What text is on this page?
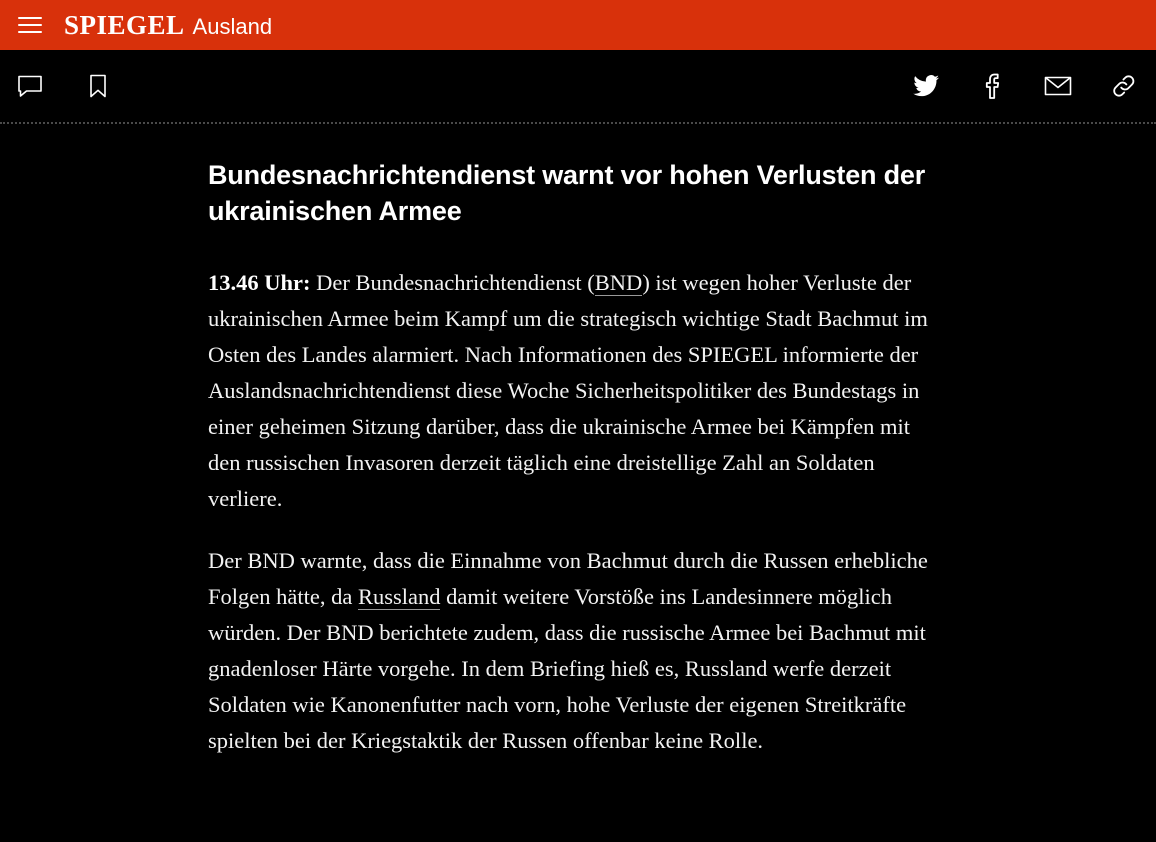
SPIEGEL Ausland
Bundesnachrichtendienst warnt vor hohen Verlusten der ukrainischen Armee

13.46 Uhr: Der Bundesnachrichtendienst (BND) ist wegen hoher Verluste der ukrainischen Armee beim Kampf um die strategisch wichtige Stadt Bachmut im Osten des Landes alarmiert. Nach Informationen des SPIEGEL informierte der Auslandsnachrichtendienst diese Woche Sicherheitspolitiker des Bundestags in einer geheimen Sitzung darüber, dass die ukrainische Armee bei Kämpfen mit den russischen Invasoren derzeit täglich eine dreistellige Zahl an Soldaten verliere.

Der BND warnte, dass die Einnahme von Bachmut durch die Russen erhebliche Folgen hätte, da Russland damit weitere Vorstöße ins Landesinnere möglich würden. Der BND berichtete zudem, dass die russische Armee bei Bachmut mit gnadenloser Härte vorgehe. In dem Briefing hieß es, Russland werfe derzeit Soldaten wie Kanonenfutter nach vorn, hohe Verluste der eigenen Streitkräfte spielten bei der Kriegstaktik der Russen offenbar keine Rolle.
